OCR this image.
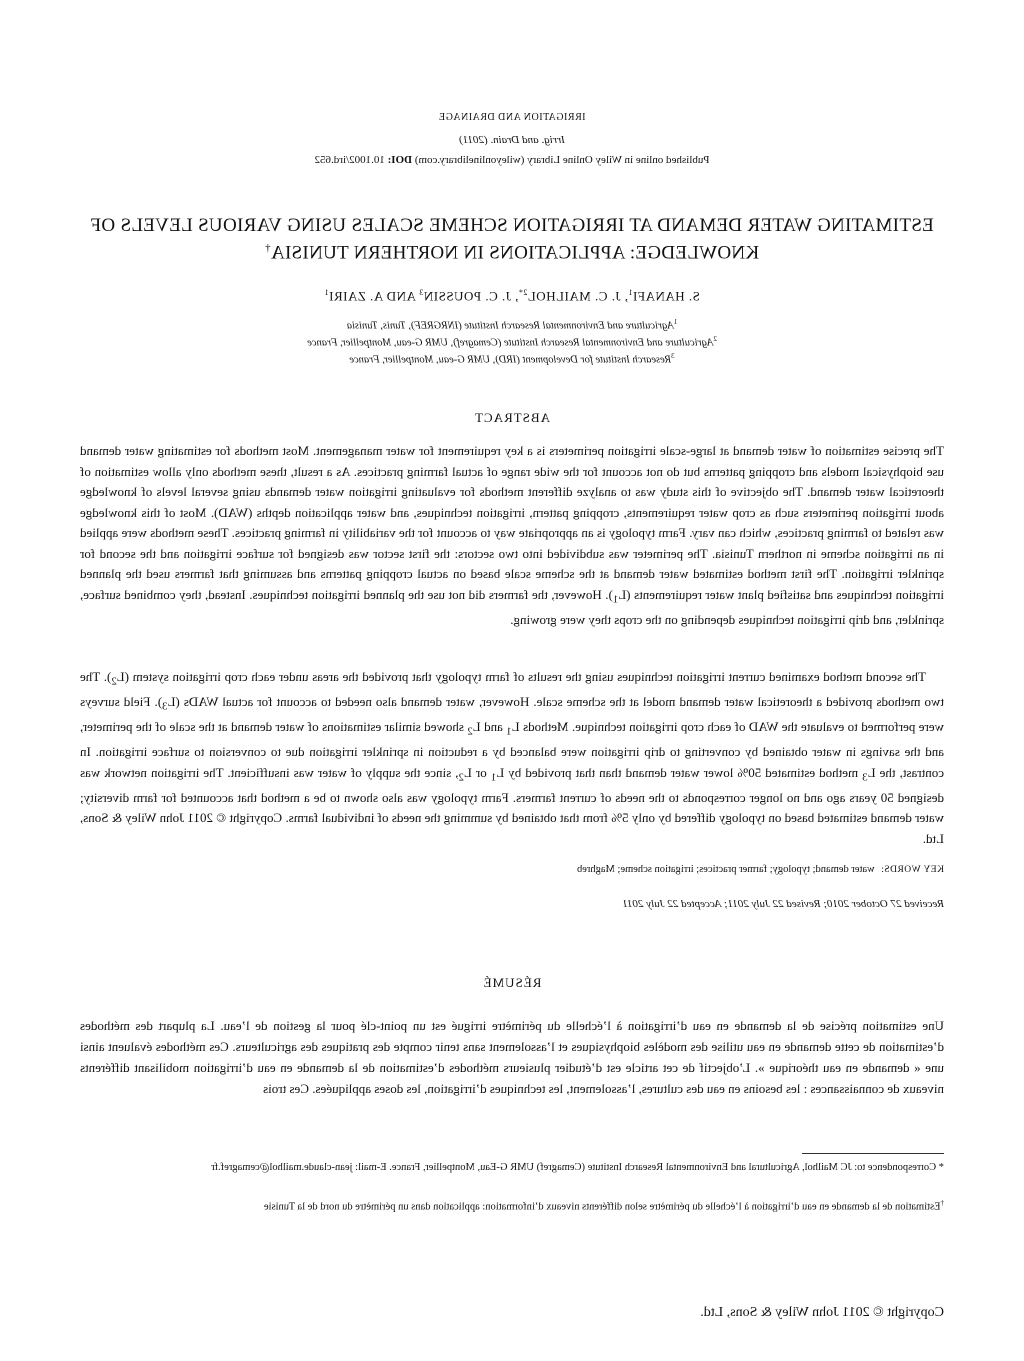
IRRIGATION AND DRAINAGE
Irrig. and Drain. (2011)
Published online in Wiley Online Library (wileyonlinelibrary.com) DOI: 10.1002/ird.652
ESTIMATING WATER DEMAND AT IRRIGATION SCHEME SCALES USING VARIOUS LEVELS OF KNOWLEDGE: APPLICATIONS IN NORTHERN TUNISIA†
S. HANAFI$^1$, J. C. $MAILHOL^{2*}$, J. C. POUSSIN$^3$ AND A. ZAIRI$^1$
$^1$Agriculture and Environmental Research Institute (INRGREF), Tunis, Tunisia
$^2$Agriculture and Environmental Research Institute (Cemagref), UMR G-eau, Montpellier, France
$^3$Research Institute for Development (IRD), UMR G-eau, Montpellier, France
ABSTRACT

The precise estimation of water demand at large-scale irrigation perimeters is a key requirement for water management. Most methods for estimating water demand use biophysical models and cropping patterns but do not account for the wide range of actual farming practices. As a result, these methods only allow estimation of theoretical water demand. The objective of this study was to analyze different methods for evaluating irrigation water demands using several levels of knowledge about irrigation perimeters such as crop water requirements, cropping pattern, irrigation techniques, and water application depths (WAD). Most of this knowledge was related to farming practices, which can vary. Farm typology is an appropriate way to account for the variability in farming practices. These methods were applied in an irrigation scheme in northern Tunisia. The perimeter was subdivided into two sectors: the first sector was designed for surface irrigation and the second for sprinkler irrigation. The first method estimated water demand at the scheme scale based on actual cropping patterns and assuming that farmers used the planned irrigation techniques and satisfied plant water requirements $(L_1)$. However, the farmers did not use the planned irrigation techniques. Instead, they combined surface, sprinkler, and drip irrigation techniques depending on the crops they were growing.

The second method examined current irrigation techniques using the results of farm typology that provided the areas under each crop irrigation system $(L_2)$. The two methods provided a theoretical water demand model at the scheme scale. However, water demand also needed to account for actual WADs $(L_3)$. Field surveys were performed to evaluate the WAD of each crop irrigation technique. Methods $L_1$ and $L_2$ showed similar estimations of water demand at the scale of the perimeter, and the savings in water obtained by converting to drip irrigation were balanced by a reduction in sprinkler irrigation due to conversion to surface irrigation. In contrast, the $L_3$ method estimated 50% lower water demand than that provided by $L_1$ or $L_2$, since the supply of water was insufficient. The irrigation network was designed 50 years ago and no longer corresponds to the needs of current farmers. Farm typology was also shown to be a method that accounted for farm diversity; water demand estimated based on typology differed by only 5% from that obtained by summing the needs of individual farms. Copyright © 2011 John Wiley & Sons, Ltd.

KEY WORDS:water demand; typology; farmer practices; irrigation scheme; Maghreb
Received 27 October 2010; Revised 22 July 2011; Accepted 22 July 2011
RÉSUMÉ

Une estimation précise de la demande en eau d’irrigation à l’échelle du périmètre irrigué est un point-clé pour la gestion de l’eau. La plupart des méthodes d’estimation de cette demande en eau utilise des modèles biophysiques et l’assolement sans tenir compte des pratiques des agriculteurs. Ces méthodes évaluent ainsi une « demande en eau théorique ». L’objectif de cet article est d’étudier plusieurs méthodes d’estimation de la demande en eau d’irrigation mobilisant différents niveaux de connaissances : les besoins en eau des cultures, l’assolement, les techniques d’irrigation, les doses appliquées. Ces trois

* Correspondence to: JC Mailhol, Agricultural and Environmental Research Institute (Cemagref) UMR G-Eau, Montpellier, France. E-mail: jean-claude.mailhol@cemagref.fr

†Estimation de la demande en eau d’irrigation à l’échelle du périmètre selon différents niveaux d’information: application dans un périmètre du nord de la Tunisie

Copyright © 2011 John Wiley & Sons, Ltd.
